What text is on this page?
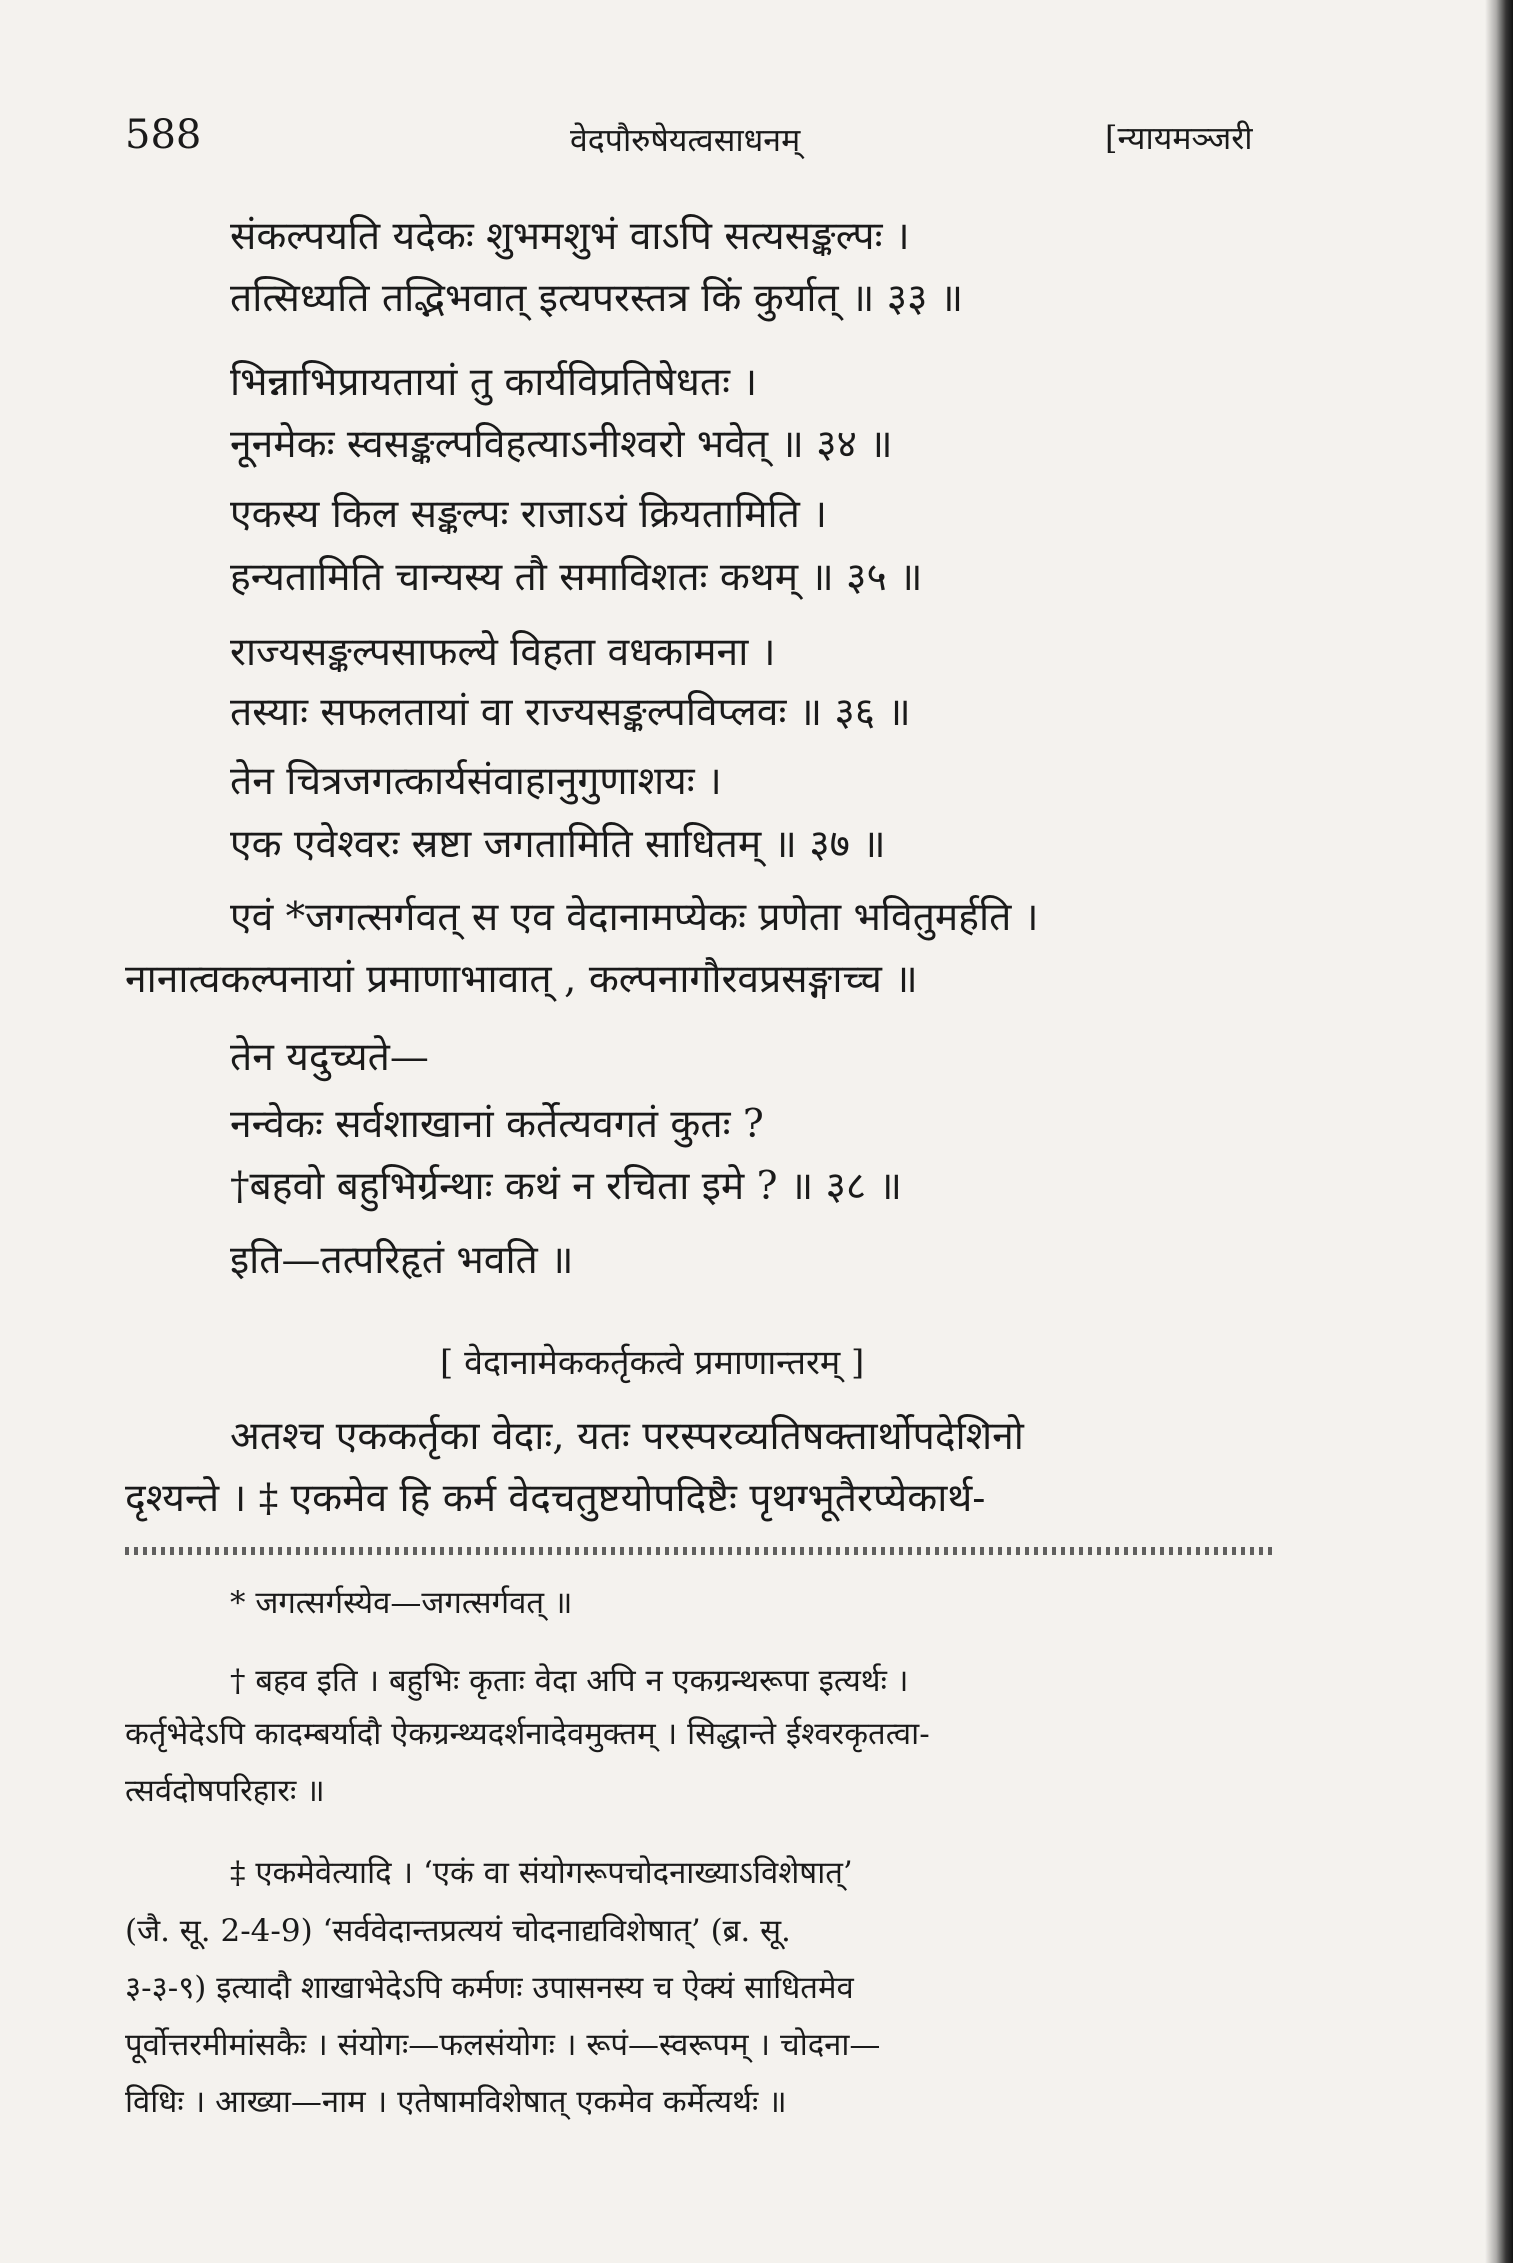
588	वेदपौरुषेयत्वसाधनम्	[न्यायमञ्जरी
संकल्पयति यदेकः शुभमशुभं वाऽपि सत्यसङ्कल्पः ।
तत्सिध्यति तद्भिभवात् इत्यपरस्तत्र किं कुर्यात् ॥ ३३ ॥
भिन्नाभिप्रायतायां तु कार्यविप्रतिषेधतः ।
नूनमेकः स्वसङ्कल्पविहत्याऽनीश्वरो भवेत् ॥ ३४ ॥
एकस्य किल सङ्कल्पः राजाऽयं क्रियतामिति ।
हन्यतामिति चान्यस्य तौ समाविशतः कथम् ॥ ३५ ॥
राज्यसङ्कल्पसाफल्ये विहता वधकामना ।
तस्याः सफलतायां वा राज्यसङ्कल्पविप्लवः ॥ ३६ ॥
तेन चित्रजगत्कार्यसंवाहानुगुणाशयः ।
एक एवेश्वरः स्रष्टा जगतामिति साधितम् ॥ ३७ ॥
एवं *जगत्सर्गवत् स एव वेदानामप्येकः प्रणेता भवितुमर्हति ।
नानात्वकल्पनायां प्रमाणाभावात् , कल्पनागौरवप्रसङ्गाच्च ॥
तेन यदुच्यते—
नन्वेकः सर्वशाखानां कर्तेत्यवगतं कुतः ?
†बहवो बहुभिर्ग्रन्थाः कथं न रचिता इमे ? ॥ ३८ ॥
इति—तत्परिहृतं भवति ॥
[ वेदानामेककर्तृकत्वे प्रमाणान्तरम् ]
अतश्च एककर्तृका वेदाः, यतः परस्परव्यतिषक्तार्थोपदेशिनो
दृश्यन्ते । ‡ एकमेव हि कर्म वेदचतुष्टयोपदिष्टैः पृथग्भूतैरप्येकार्थ-
* जगत्सर्गस्येव—जगत्सर्गवत् ॥
† बहव इति । बहुभिः कृताः वेदा अपि न एकग्रन्थरूपा इत्यर्थः ।
कर्तृभेदेऽपि कादम्बर्यादौ ऐकग्रन्थ्यदर्शनादेवमुक्तम् । सिद्धान्ते ईश्वरकृतत्वा-
त्सर्वदोषपरिहारः ॥
‡ एकमेवेत्यादि । ‘एकं वा संयोगरूपचोदनाख्याऽविशेषात्’
(जै. सू. 2-4-9) ‘सर्ववेदान्तप्रत्ययं चोदनाद्यविशेषात्’ (ब्र. सू.
३-३-९) इत्यादौ शाखाभेदेऽपि कर्मणः उपासनस्य च ऐक्यं साधितमेव
पूर्वोत्तरमीमांसकैः । संयोगः—फलसंयोगः । रूपं—स्वरूपम् । चोदना—
विधिः । आख्या—नाम । एतेषामविशेषात् एकमेव कर्मेत्यर्थः ॥
